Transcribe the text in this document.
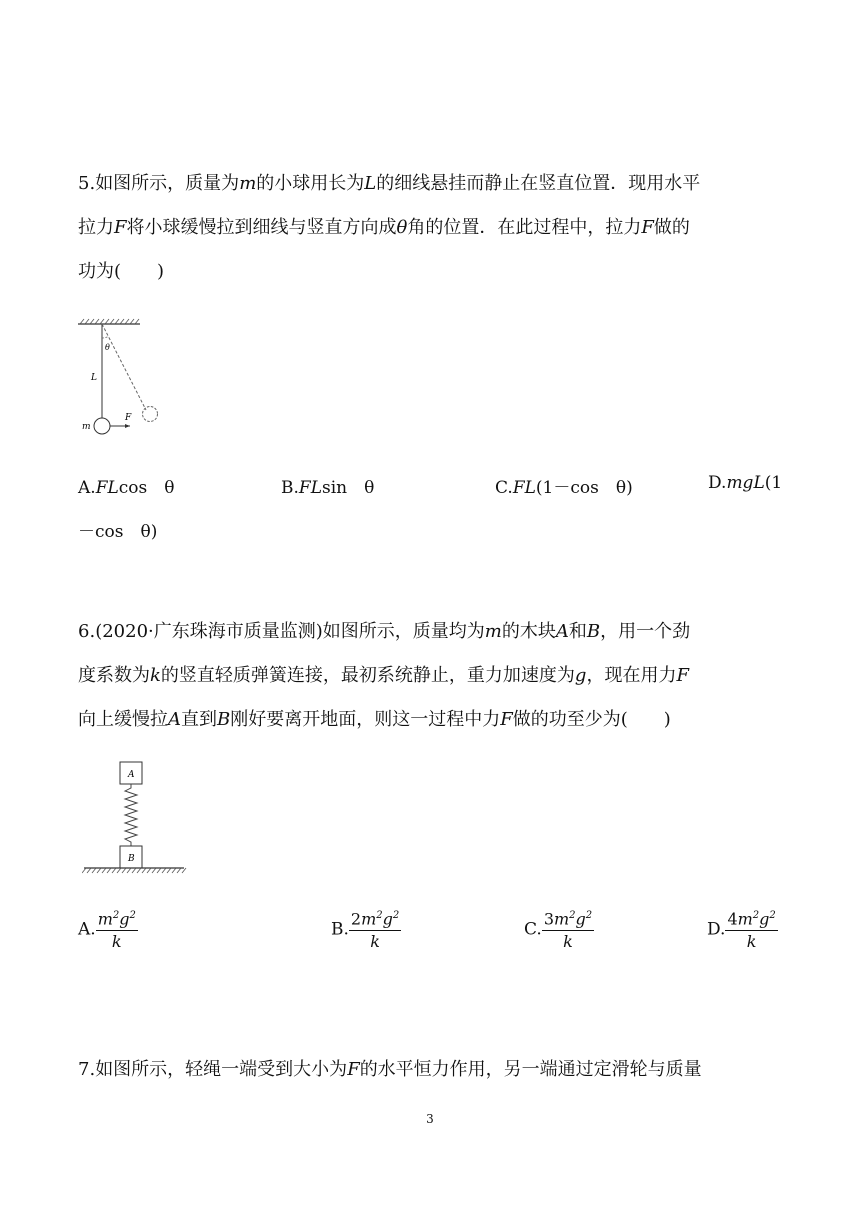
5.如图所示，质量为m的小球用长为L的细线悬挂而静止在竖直位置．现用水平

拉力F将小球缓慢拉到细线与竖直方向成θ角的位置．在此过程中，拉力F做的

功为(　　)

θ
L
F
m
A.FLcos　θ	B.FLsin　θ	C.FL(1－cos　θ)	D.mgL(1
－cos　θ)

6.(2020·广东珠海市质量监测)如图所示，质量均为m的木块A和B，用一个劲

度系数为k的竖直轻质弹簧连接，最初系统静止，重力加速度为g，现在用力F

向上缓慢拉A直到B刚好要离开地面，则这一过程中力F做的功至少为(　　)

A
B
A. $\frac{m^2g^2}{k}$	B. $\frac{2m^2g^2}{k}$	C. $\frac{3m^2g^2}{k}$	D. $\frac{4m^2g^2}{k}$

7.如图所示，轻绳一端受到大小为F的水平恒力作用，另一端通过定滑轮与质量

3
